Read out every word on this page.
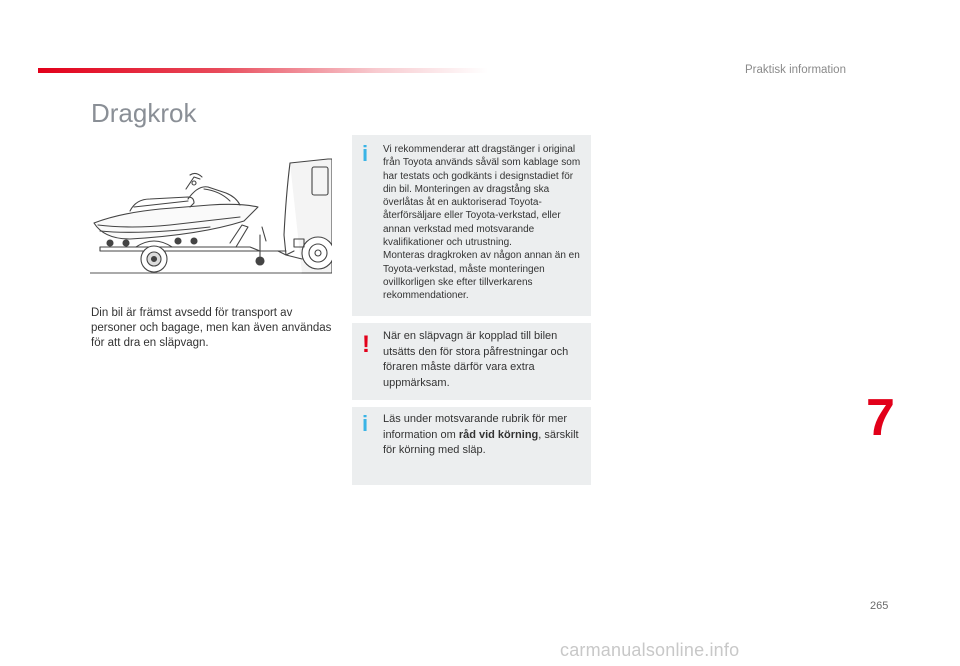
Praktisk information
Dragkrok
Din bil är främst avsedd för transport av personer och bagage, men kan även användas för att dra en släpvagn.
i Vi rekommenderar att dragstänger i original från Toyota används såväl som kablage som har testats och godkänts i designstadiet för din bil. Monteringen av dragstång ska överlåtas åt en auktoriserad Toyota-återförsäljare eller Toyota-verkstad, eller annan verkstad med motsvarande kvalifikationer och utrustning.
Monteras dragkroken av någon annan än en Toyota-verkstad, måste monteringen ovillkorligen ske efter tillverkarens rekommendationer.
! När en släpvagn är kopplad till bilen utsätts den för stora påfrestningar och föraren måste därför vara extra uppmärksam.
i Läs under motsvarande rubrik för mer information om råd vid körning, särskilt för körning med släp.
7
265
carmanualsonline.info
